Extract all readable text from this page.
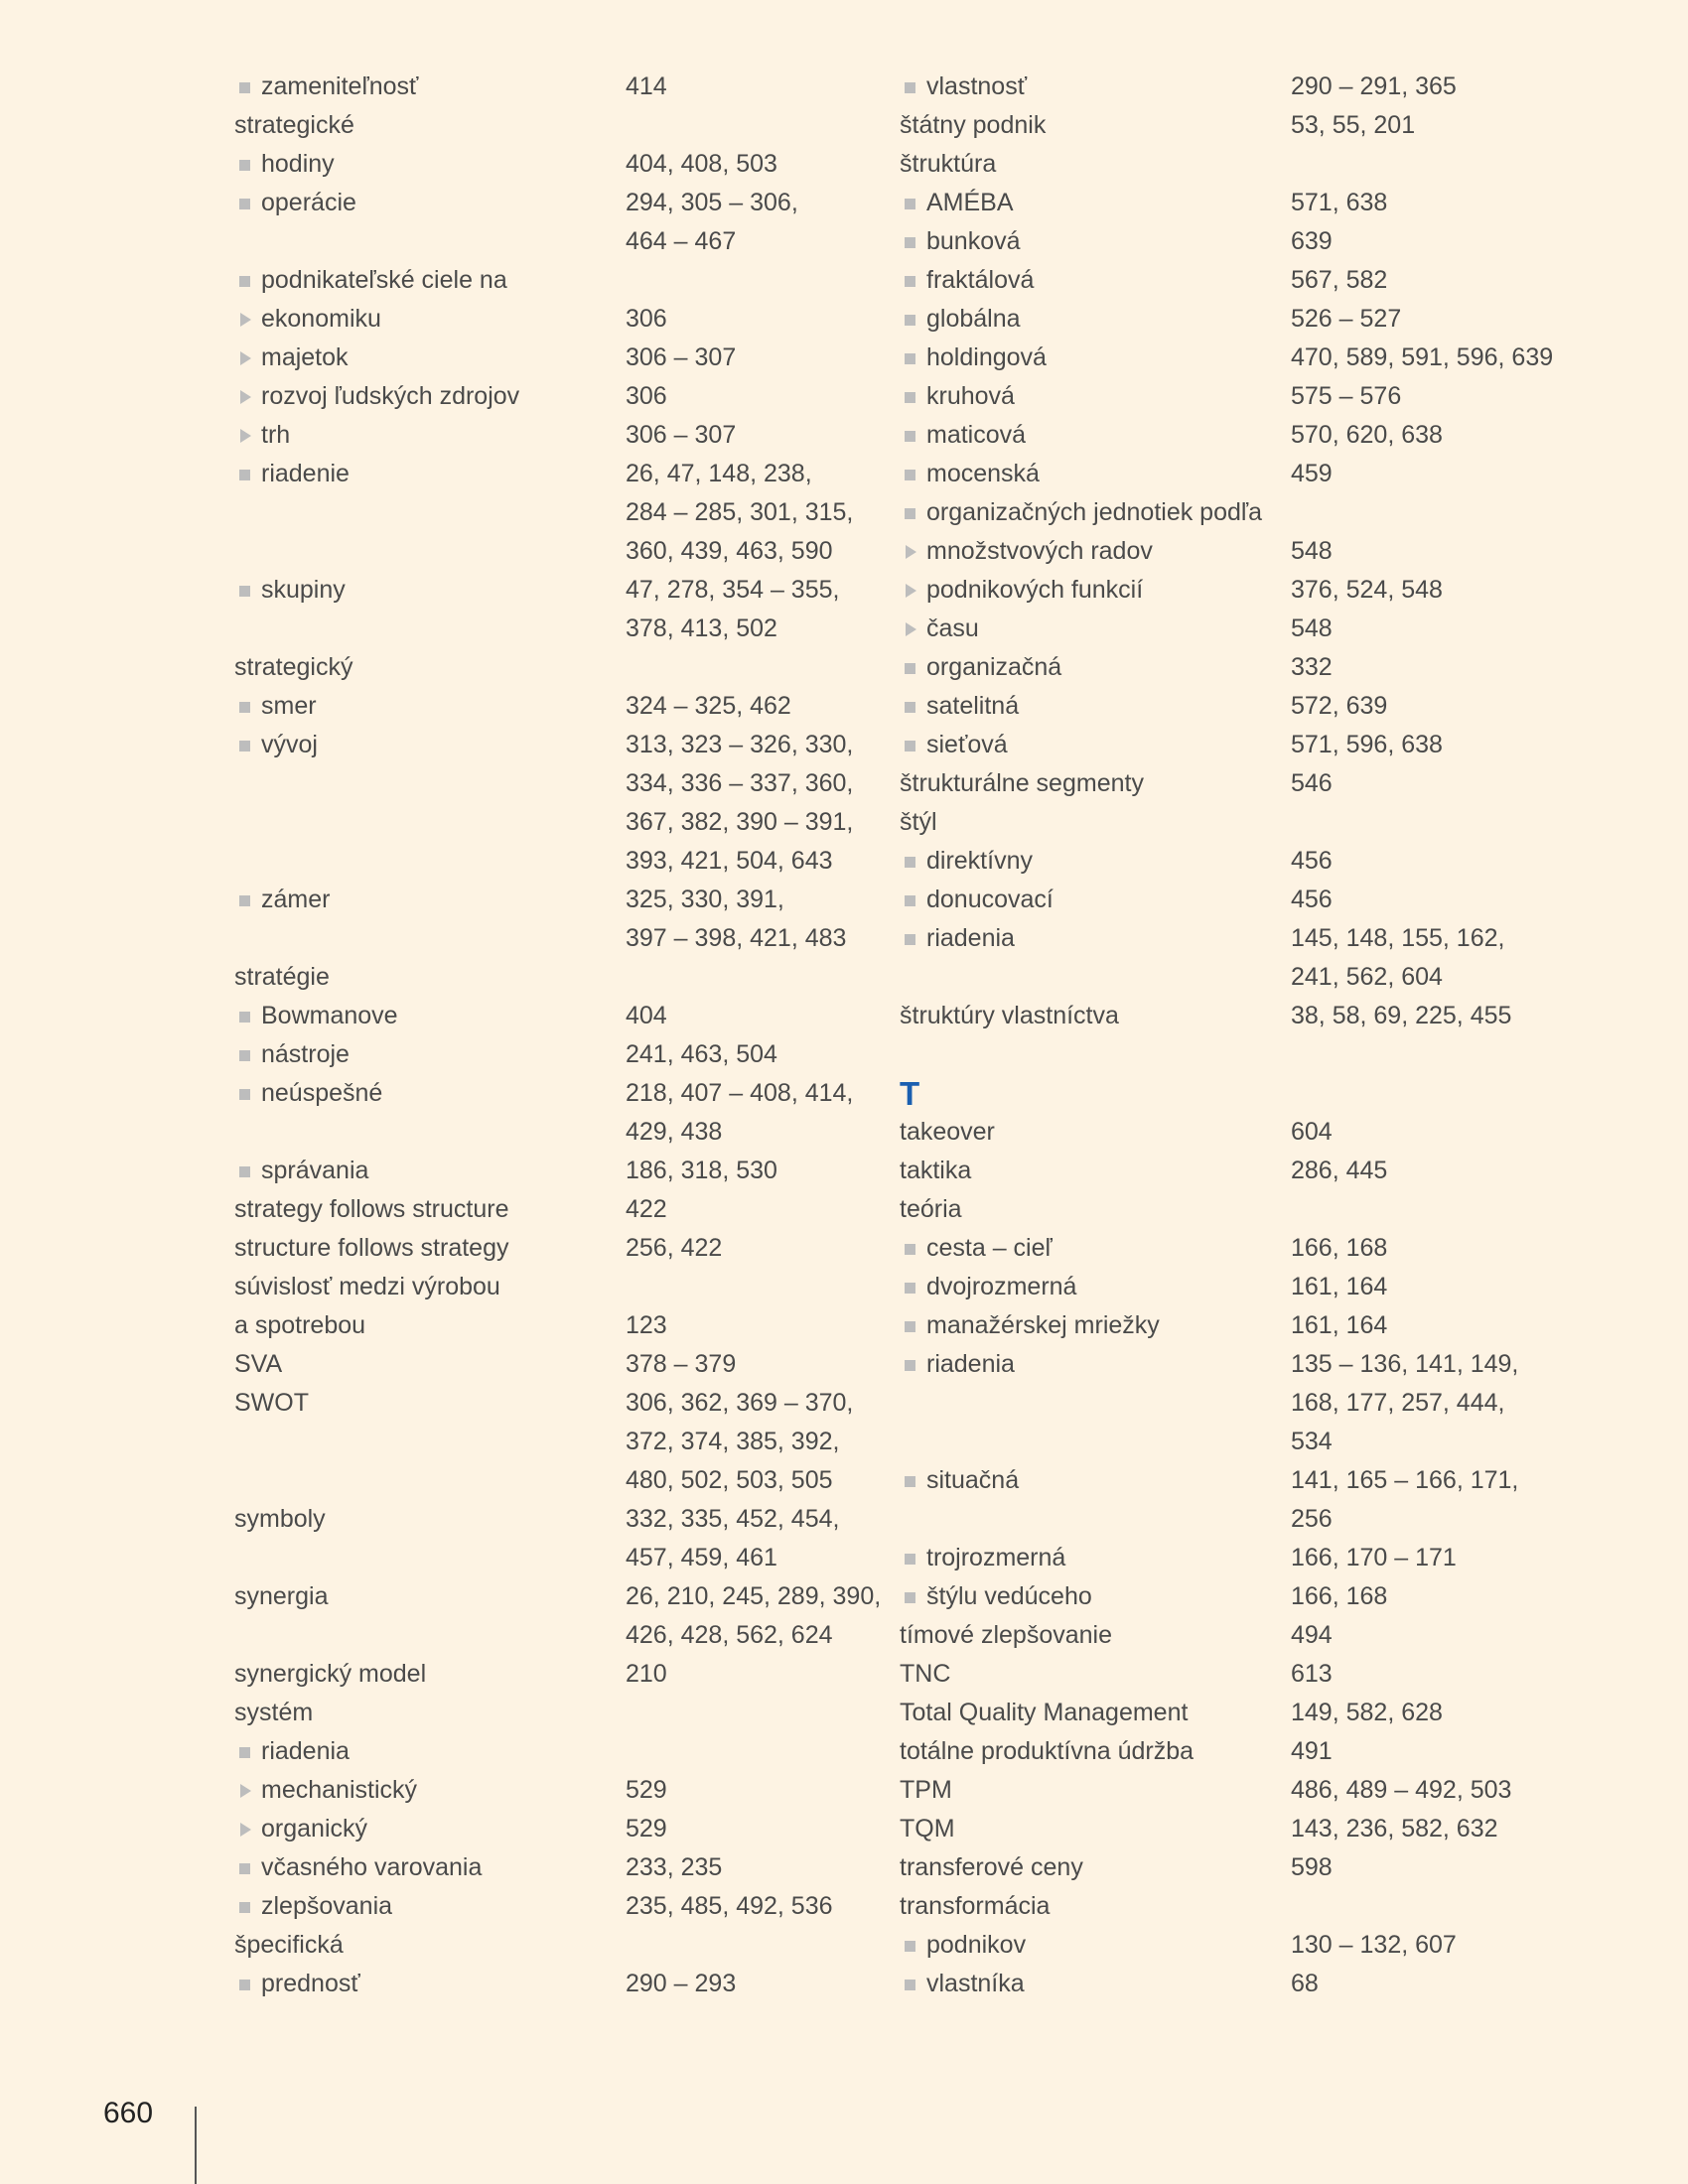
zameniteľnosť	414
strategické
hodiny	404, 408, 503
operácie	294, 305 – 306,
464 – 467
podnikateľské ciele na
ekonomiku	306
majetok	306 – 307
rozvoj ľudských zdrojov	306
trh	306 – 307
riadenie	26, 47, 148, 238,
284 – 285, 301, 315,
360, 439, 463, 590
skupiny	47, 278, 354 – 355,
378, 413, 502
strategický
smer	324 – 325, 462
vývoj	313, 323 – 326, 330,
334, 336 – 337, 360,
367, 382, 390 – 391,
393, 421, 504, 643
zámer	325, 330, 391,
397 – 398, 421, 483
stratégie
Bowmanove	404
nástroje	241, 463, 504
neúspešné	218, 407 – 408, 414,
429, 438
správania	186, 318, 530
strategy follows structure	422
structure follows strategy	256, 422
súvislosť medzi výrobou
a spotrebou	123
SVA	378 – 379
SWOT	306, 362, 369 – 370,
372, 374, 385, 392,
480, 502, 503, 505
symboly	332, 335, 452, 454,
457, 459, 461
synergia	26, 210, 245, 289, 390,
426, 428, 562, 624
synergický model	210
systém
riadenia
mechanistický	529
organický	529
včasného varovania	233, 235
zlepšovania	235, 485, 492, 536
špecifická
prednosť	290 – 293
vlastnosť	290 – 291, 365
štátny podnik	53, 55, 201
štruktúra
AMÉBA	571, 638
bunková	639
fraktálová	567, 582
globálna	526 – 527
holdingová	470, 589, 591, 596, 639
kruhová	575 – 576
maticová	570, 620, 638
mocenská	459
organizačných jednotiek podľa
množstvových radov	548
podnikových funkcií	376, 524, 548
času	548
organizačná	332
satelitná	572, 639
sieťová	571, 596, 638
štrukturálne segmenty	546
štýl
direktívny	456
donucovací	456
riadenia	145, 148, 155, 162,
241, 562, 604
štruktúry vlastníctva	38, 58, 69, 225, 455
T
takeover	604
taktika	286, 445
teória
cesta – cieľ	166, 168
dvojrozmerná	161, 164
manažérskej mriežky	161, 164
riadenia	135 – 136, 141, 149,
168, 177, 257, 444,
534
situačná	141, 165 – 166, 171,
256
trojrozmerná	166, 170 – 171
štýlu vedúceho	166, 168
tímové zlepšovanie	494
TNC	613
Total Quality Management	149, 582, 628
totálne produktívna údržba	491
TPM	486, 489 – 492, 503
TQM	143, 236, 582, 632
transferové ceny	598
transformácia
podnikov	130 – 132, 607
vlastníka	68
660
